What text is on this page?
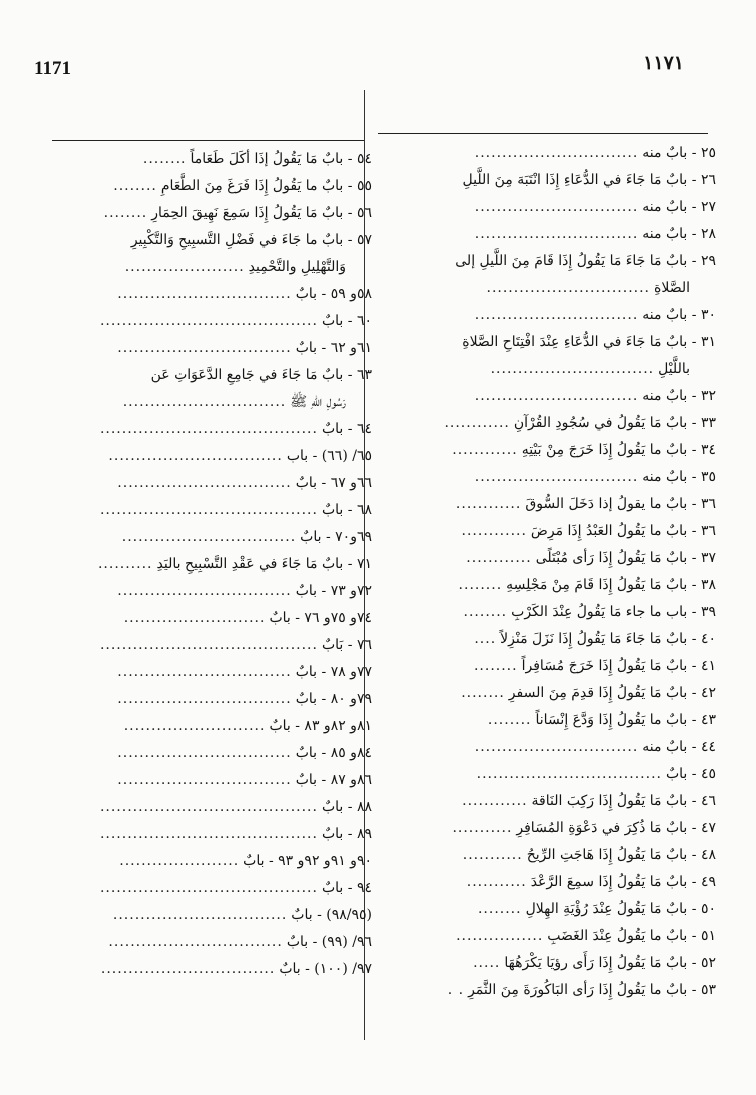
1171	١١٧١
٢٥ - بابٌ منه
..............................
٢٦ - بابٌ مَا جَاءَ في الدُّعَاءِ إِذَا انْتَبَهَ مِنَ اللَّيلِ
٢٧ - بابٌ منه
..............................
٢٨ - بابٌ منه
..............................
٢٩ - بابٌ مَا جَاءَ مَا يَقُولُ إِذَا قَامَ مِنَ اللَّيلِ إلى
الصَّلاةِ
..............................
٣٠ - بابٌ منه
..............................
٣١ - بابٌ مَا جَاءَ في الدُّعَاءِ عِنْدَ افْتِتَاحِ الصَّلاةِ
باللَّيْلِ
..............................
٣٢ - بابٌ منه
..............................
٣٣ - بابٌ مَا يَقُولُ في سُجُودِ القُرْآنِ
............
٣٤ - بابٌ ما يَقُولُ إِذَا خَرَجَ مِنْ بَيْتِهِ
............
٣٥ - بابٌ منه
..............................
٣٦ - بابٌ ما يقولُ إذا دَخَلَ السُّوقَ
............
٣٦ - بابٌ ما يَقُولُ العَبْدُ إِذَا مَرِضَ
............
٣٧ - بابٌ مَا يَقُولُ إِذَا رَأى مُبْتَلًى
............
٣٨ - بابٌ مَا يَقُولُ إِذَا قَامَ مِنْ مَجْلِسِهِ
........
٣٩ - باب ما جاء مَا يَقُولُ عِنْدَ الكَرْبِ
........
٤٠ - بابٌ مَا جَاءَ مَا يَقُولُ إِذَا نَزَلَ مَنْزِلاً
....
٤١ - بابٌ مَا يَقُولُ إِذَا خَرَجَ مُسَافِراً
........
٤٢ - بابٌ مَا يَقُولُ إِذَا قدِمَ مِنَ السفرِ
........
٤٣ - بابٌ ما يَقُولُ إِذَا وَدَّعَ إِنْسَاناً
........
٤٤ - بابٌ منه
..............................
٤٥ - بابٌ
..................................
٤٦ - بابٌ مَا يَقُولُ إِذَا رَكِبَ النَاقة
............
٤٧ - بابٌ مَا ذُكِرَ في دَعْوَةِ المُسَافِرِ
...........
٤٨ - بابٌ مَا يَقُولُ إِذَا هَاجَتِ الرِّيحُ
...........
٤٩ - بابٌ مَا يَقُولُ إِذَا سمِعَ الرَّعْدَ
...........
٥٠ - بابٌ مَا يَقُولُ عِنْدَ رُؤْيَةِ الهِلالِ
........
٥١ - بابٌ ما يَقُولُ عِنْدَ الغَضَبِ
................
٥٢ - بابٌ مَا يَقُولُ إِذَا رَأَى رؤيَا يَكْرَهُهَا
.....
٥٣ - بابٌ ما يَقُولُ إِذَا رَأى البَاكُورَةَ مِنَ الثَّمَرِ
. .
٥٤ - بابٌ مَا يَقُولُ إذَا أكَلَ طَعَاماً
........
٥٥ - بابٌ ما يَقُولُ إِذَا فَرَغَ مِنَ الطَّعَامِ
........
٥٦ - بابٌ مَا يَقُولُ إِذَا سَمِعَ نَهِيقَ الحِمَارِ
........
٥٧ - بابٌ ما جَاءَ في فَضْلِ التَّسبِيحِ وَالتَّكْبِيرِ
وَالتَّهْلِيلِ والتَّحْمِيدِ
......................
٥٨و ٥٩ - بابٌ
................................
٦٠ - بابٌ
........................................
٦١و ٦٢ - بابٌ
................................
٦٣ - بابٌ مَا جَاءَ في جَامِعِ الدَّعَوَاتِ عَن
رَسُولِ اللهِ ﷺ
..............................
٦٤ - بابٌ
........................................
٦٥/ (٦٦) - باب
................................
٦٦و ٦٧ - بابٌ
................................
٦٨ - بابٌ
........................................
٦٩و٧٠ - بابٌ
................................
٧١ - بابٌ مَا جَاءَ في عَقْدِ التَّسْبِيحِ باليَدِ
..........
٧٢و ٧٣ - بابٌ
................................
٧٤و ٧٥و ٧٦ - بابٌ
..........................
٧٦ - بَابٌ
........................................
٧٧و ٧٨ - بابٌ
................................
٧٩و ٨٠ - بابٌ
................................
٨١و ٨٢و ٨٣ - بابٌ
..........................
٨٤و ٨٥ - بابٌ
................................
٨٦و ٨٧ - بابٌ
................................
٨٨ - بابٌ
........................................
٨٩ - بابٌ
........................................
٩٠و ٩١و ٩٢و ٩٣ - بابٌ
......................
٩٤ - بابٌ
........................................
(٩٨/٩٥) - بابٌ
................................
٩٦/ (٩٩) - بابٌ
................................
٩٧/ (١٠٠) - بابٌ
................................
